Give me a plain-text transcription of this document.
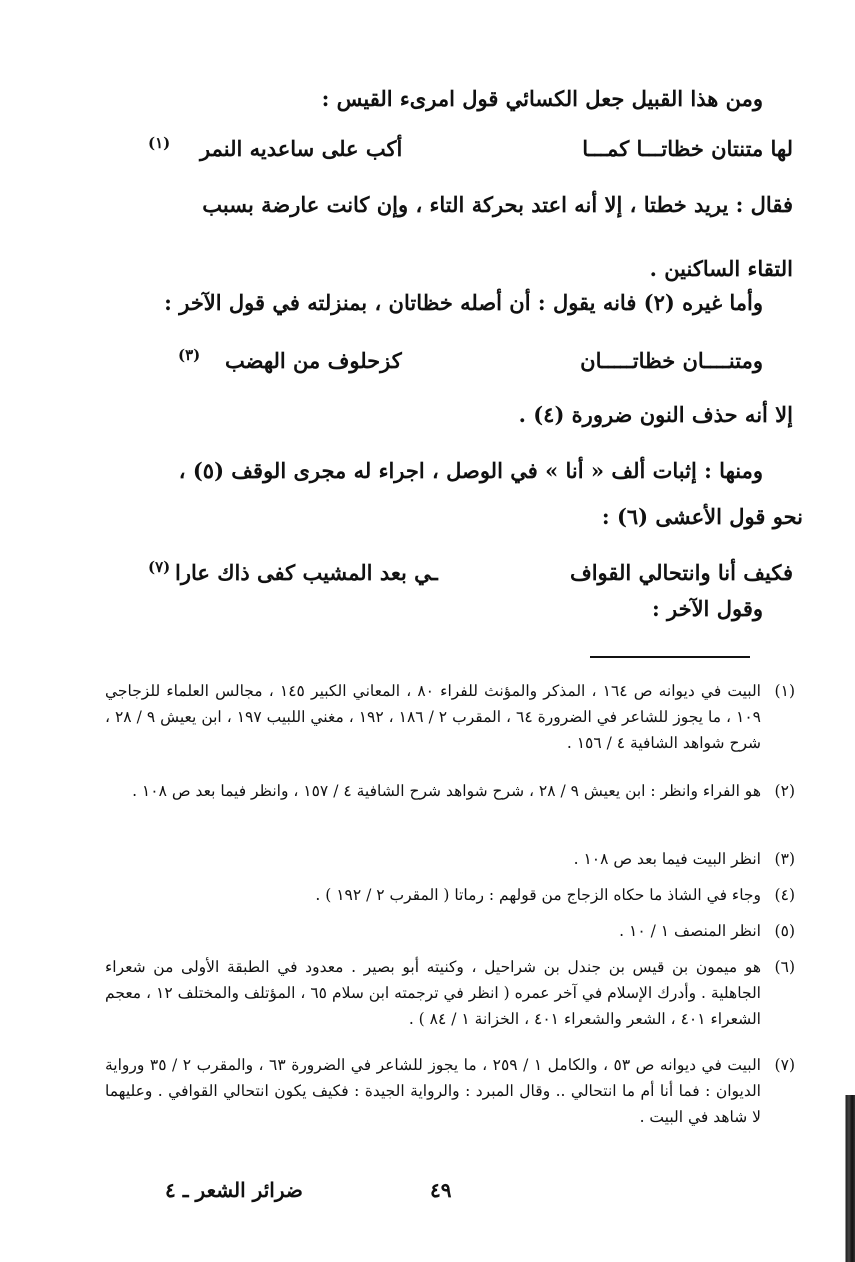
ومن هذا القبيل جعل الكسائي قول امرىء القيس :
لها متنتان خظاتـــا كمـــا
أكب على ساعديه النمر
(١)
فقال : يريد خطتا ، إلا أنه اعتد بحركة التاء ، وإن كانت عارضة بسبب
التقاء الساكنين .
وأما غيره (٢) فانه يقول : أن أصله خظاتان ، بمنزلته في قول الآخر :
ومتنــــان خظاتـــــان
كزحلوف من الهضب
(٣)
إلا أنه حذف النون ضرورة (٤) .
ومنها : إثبات ألف « أنا » في الوصل ، اجراء له مجرى الوقف (٥) ،
نحو قول الأعشى (٦) :
فكيف أنا وانتحالي القواف
ـي بعد المشيب كفى ذاك عارا
(٧)
وقول الآخر :
(١)
البيت في ديوانه ص ١٦٤ ، المذكر والمؤنث للفراء ٨٠ ، المعاني الكبير ١٤٥ ، مجالس العلماء للزجاجي ١٠٩ ، ما يجوز للشاعر في الضرورة ٦٤ ، المقرب ٢ / ١٨٦ ، ١٩٢ ، مغني اللبيب ١٩٧ ، ابن يعيش ٩ / ٢٨ ، شرح شواهد الشافية ٤ / ١٥٦ .
(٢)
هو الفراء وانظر : ابن يعيش ٩ / ٢٨ ، شرح شواهد شرح الشافية ٤ / ١٥٧ ، وانظر فيما بعد ص ١٠٨ .
(٣)
انظر البيت فيما بعد ص ١٠٨ .
(٤)
وجاء في الشاذ ما حكاه الزجاج من قولهم : رماتا ( المقرب ٢ / ١٩٢ ) .
(٥)
انظر المنصف ١ / ١٠ .
(٦)
هو ميمون بن قيس بن جندل بن شراحيل ، وكنيته أبو بصير . معدود في الطبقة الأولى من شعراء الجاهلية . وأدرك الإسلام في آخر عمره ( انظر في ترجمته ابن سلام ٦٥ ، المؤتلف والمختلف ١٢ ، معجم الشعراء ٤٠١ ، الشعر والشعراء ٤٠١ ، الخزانة ١ / ٨٤ ) .
(٧)
البيت في ديوانه ص ٥٣ ، والكامل ١ / ٢٥٩ ، ما يجوز للشاعر في الضرورة ٦٣ ، والمقرب ٢ / ٣٥ ورواية الديوان : فما أنا أم ما انتحالي .. وقال المبرد : والرواية الجيدة : فكيف يكون انتحالي القوافي . وعليهما لا شاهد في البيت .
٤٩
ضرائر الشعر ـ ٤
